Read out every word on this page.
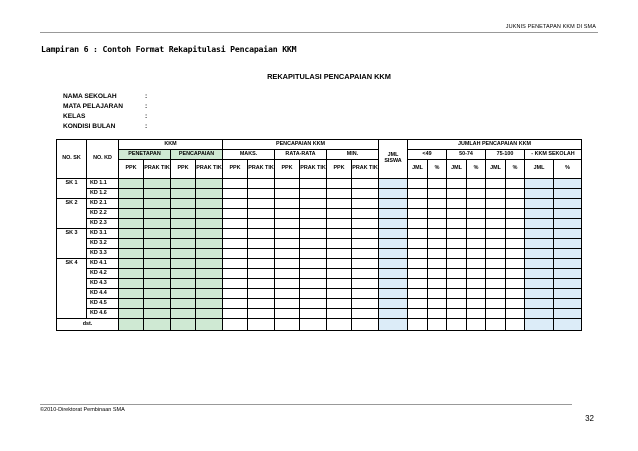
JUKNIS PENETAPAN KKM DI SMA
Lampiran 6 : Contoh Format Rekapitulasi Pencapaian KKM
REKAPITULASI PENCAPAIAN KKM
NAMA SEKOLAH	:
MATA PELAJARAN	:
KELAS	:
KONDISI BULAN	:
NO. SK	NO. KD	KKM				PENCAPAIAN KKM						JML SISWA	JUMLAH PENCAPAIAN KKM							
		PENETAPAN		PENCAPAIAN		MAKS.		RATA-RATA		MIN.			<49		50-74		75-100		- KKM SEKOLAH	
		PPK	PRAK TIK	PPK	PRAK TIK	PPK	PRAK TIK	PPK	PRAK TIK	PPK	PRAK TIK		JML	%	JML	%	JML	%	JML	%
SK 1	KD 1.1																			
	KD 1.2																			
SK 2	KD 2.1																			
	KD 2.2																			
	KD 2.3																			
SK 3	KD 3.1																			
	KD 3.2																			
	KD 3.3																			
SK 4	KD 4.1																			
	KD 4.2																			
	KD 4.3																			
	KD 4.4																			
	KD 4.5																			
	KD 4.6																			
dst.																				
©2010-Direktorat Pembinaan SMA
32
